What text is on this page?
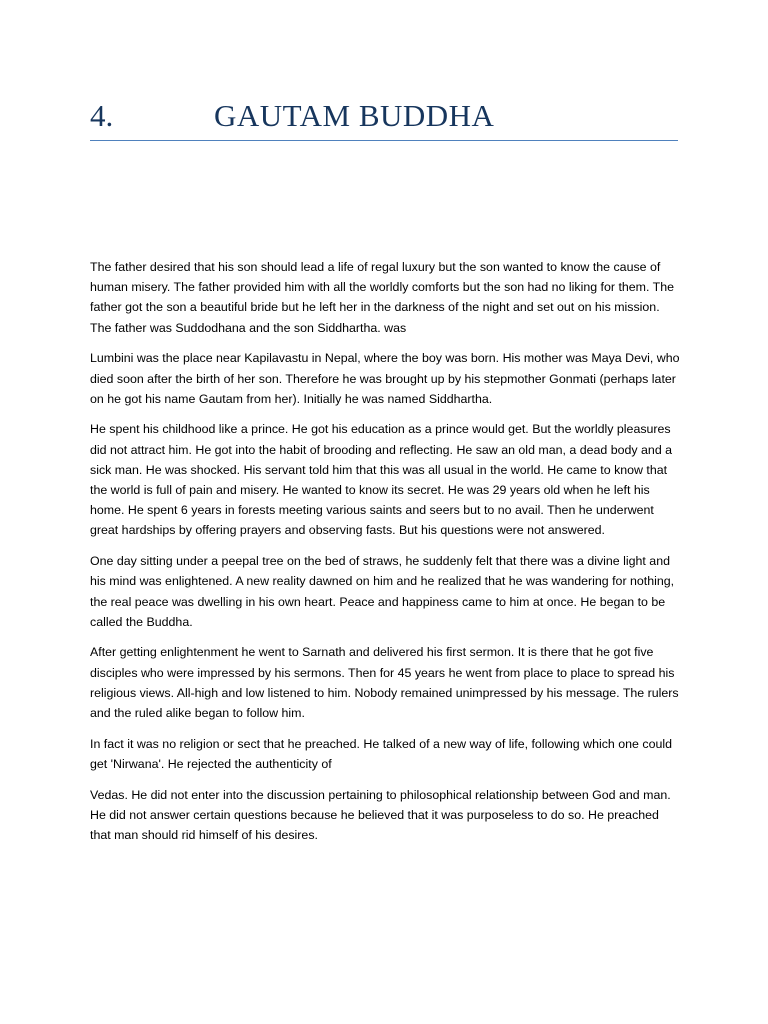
4.	GAUTAM BUDDHA

The father desired that his son should lead a life of regal luxury but the son wanted to know the cause of human misery. The father provided him with all the worldly comforts but the son had no liking for them. The father got the son a beautiful bride but he left her in the darkness of the night and set out on his mission. The father was Suddodhana and the son Siddhartha. was

Lumbini was the place near Kapilavastu in Nepal, where the boy was born. His mother was Maya Devi, who died soon after the birth of her son. Therefore he was brought up by his stepmother Gonmati (perhaps later on he got his name Gautam from her). Initially he was named Siddhartha.

He spent his childhood like a prince. He got his education as a prince would get. But the worldly pleasures did not attract him. He got into the habit of brooding and reflecting. He saw an old man, a dead body and a sick man. He was shocked. His servant told him that this was all usual in the world. He came to know that the world is full of pain and misery. He wanted to know its secret. He was 29 years old when he left his home. He spent 6 years in forests meeting various saints and seers but to no avail. Then he underwent great hardships by offering prayers and observing fasts. But his questions were not answered.

One day sitting under a peepal tree on the bed of straws, he suddenly felt that there was a divine light and his mind was enlightened. A new reality dawned on him and he realized that he was wandering for nothing, the real peace was dwelling in his own heart. Peace and happiness came to him at once. He began to be called the Buddha.

After getting enlightenment he went to Sarnath and delivered his first sermon. It is there that he got five disciples who were impressed by his sermons. Then for 45 years he went from place to place to spread his religious views. All-high and low listened to him. Nobody remained unimpressed by his message. The rulers and the ruled alike began to follow him.

In fact it was no religion or sect that he preached. He talked of a new way of life, following which one could get 'Nirwana'. He rejected the authenticity of

Vedas. He did not enter into the discussion pertaining to philosophical relationship between God and man. He did not answer certain questions because he believed that it was purposeless to do so. He preached that man should rid himself of his desires.
